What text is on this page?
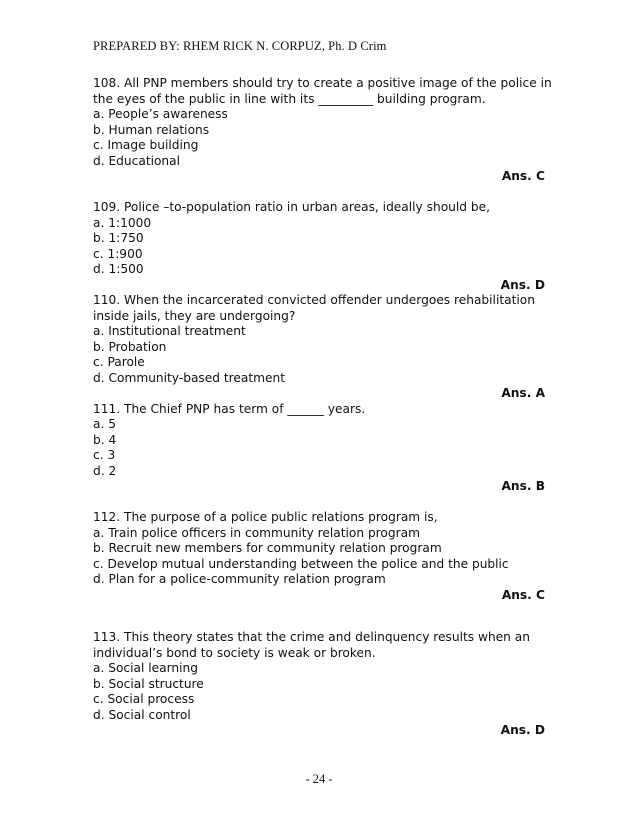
PREPARED BY: RHEM RICK N. CORPUZ, Ph. D Crim
108. All PNP members should try to create a positive image of the police in
the eyes of the public in line with its _________ building program.
a. People’s awareness
b. Human relations
c. Image building
d. Educational
Ans. C
109. Police –to-population ratio in urban areas, ideally should be,
a. 1:1000
b. 1:750
c. 1:900
d. 1:500
Ans. D
110. When the incarcerated convicted offender undergoes rehabilitation
inside jails, they are undergoing?
a. Institutional treatment
b. Probation
c. Parole
d. Community-based treatment
Ans. A
111. The Chief PNP has term of ______ years.
a. 5
b. 4
c. 3
d. 2
Ans. B
112. The purpose of a police public relations program is,
a. Train police officers in community relation program
b. Recruit new members for community relation program
c. Develop mutual understanding between the police and the public
d. Plan for a police-community relation program
Ans. C
113. This theory states that the crime and delinquency results when an
individual’s bond to society is weak or broken.
a. Social learning
b. Social structure
c. Social process
d. Social control
Ans. D
- 24 -
